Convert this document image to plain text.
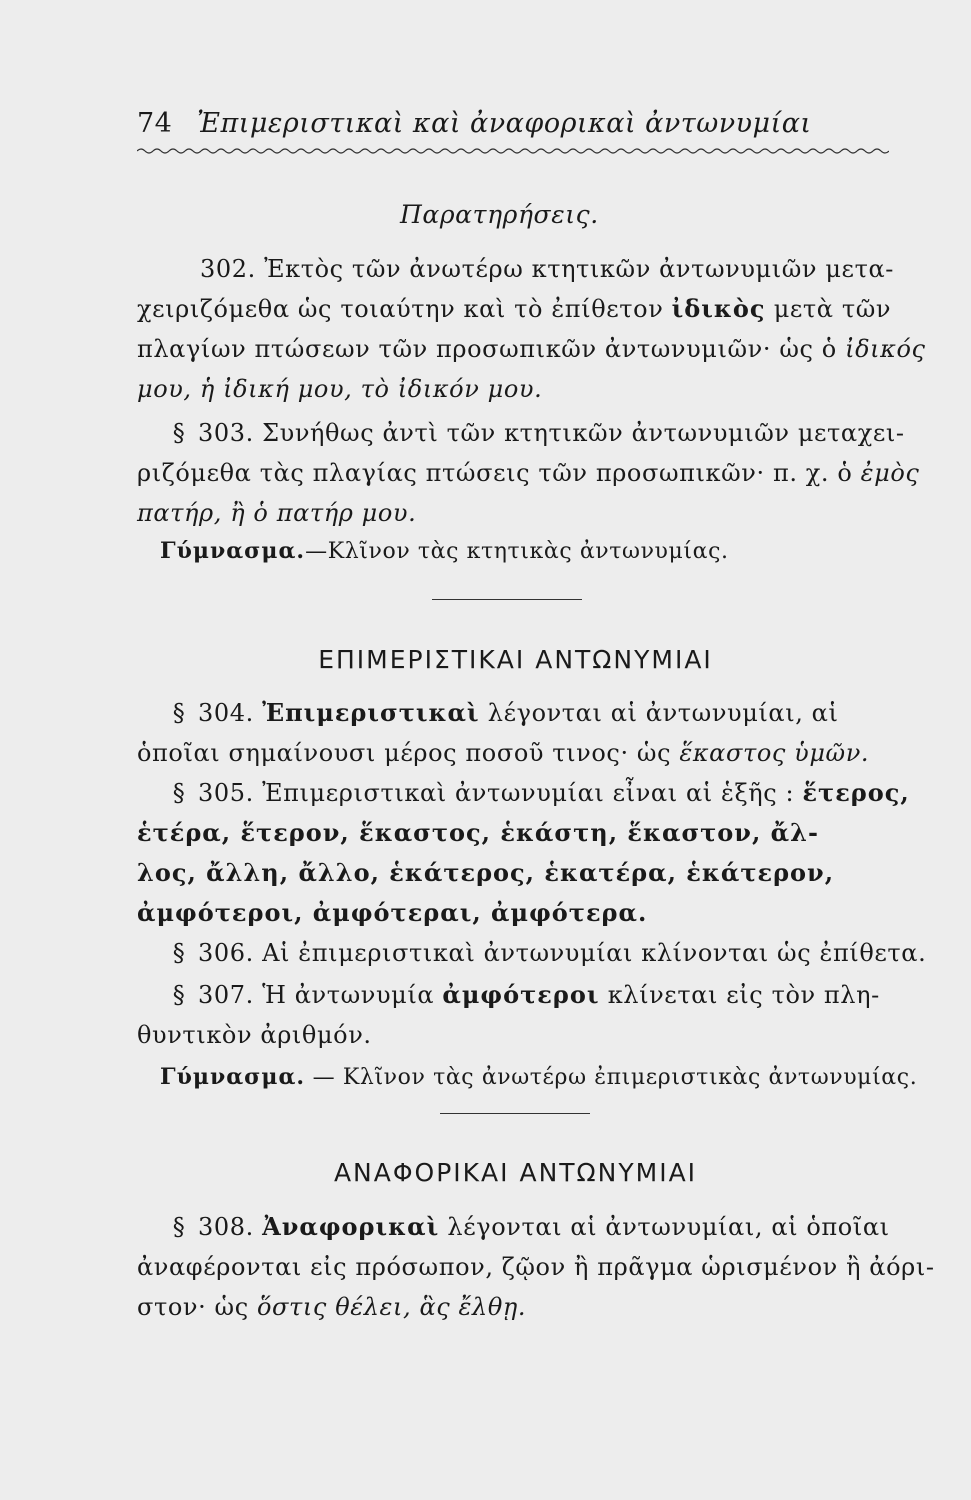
74 Ἐπιμεριστικαὶ καὶ ἀναφορικαὶ ἀντωνυμίαι
Παρατηρήσεις.
302. Ἐκτὸς τῶν ἀνωτέρω κτητικῶν ἀντωνυμιῶν μετα-
χειριζόμεθα ὡς τοιαύτην καὶ τὸ ἐπίθετον ἰδικὸς μετὰ τῶν
πλαγίων πτώσεων τῶν προσωπικῶν ἀντωνυμιῶν· ὡς ὁ ἰδικός
μου, ἡ ἰδική μου, τὸ ἰδικόν μου.
§ 303. Συνήθως ἀντὶ τῶν κτητικῶν ἀντωνυμιῶν μεταχει-
ριζόμεθα τὰς πλαγίας πτώσεις τῶν προσωπικῶν· π. χ. ὁ ἐμὸς
πατήρ, ἢ ὁ πατήρ μου.
Γύμνασμα.—Κλῖνον τὰς κτητικὰς ἀντωνυμίας.
ΕΠΙΜΕΡΙΣΤΙΚΑΙ ΑΝΤΩΝΥΜΙΑΙ
§ 304. Ἐπιμεριστικαὶ λέγονται αἱ ἀντωνυμίαι, αἱ
ὁποῖαι σημαίνουσι μέρος ποσοῦ τινος· ὡς ἕκαστος ὑμῶν.
§ 305. Ἐπιμεριστικαὶ ἀντωνυμίαι εἶναι αἱ ἑξῆς : ἕτερος,
ἑτέρα, ἕτερον, ἕκαστος, ἑκάστη, ἕκαστον, ἄλ-
λος, ἄλλη, ἄλλο, ἑκάτερος, ἑκατέρα, ἑκάτερον,
ἀμφότεροι, ἀμφότεραι, ἀμφότερα.
§ 306. Αἱ ἐπιμεριστικαὶ ἀντωνυμίαι κλίνονται ὡς ἐπίθετα.
§ 307. Ἡ ἀντωνυμία ἀμφότεροι κλίνεται εἰς τὸν πλη-
θυντικὸν ἀριθμόν.
Γύμνασμα. — Κλῖνον τὰς ἀνωτέρω ἐπιμεριστικὰς ἀντωνυμίας.
ΑΝΑΦΟΡΙΚΑΙ ΑΝΤΩΝΥΜΙΑΙ
§ 308. Ἀναφορικαὶ λέγονται αἱ ἀντωνυμίαι, αἱ ὁποῖαι
ἀναφέρονται εἰς πρόσωπον, ζῷον ἢ πρᾶγμα ὡρισμένον ἢ ἀόρι-
στον· ὡς ὅστις θέλει, ἃς ἔλθῃ.
